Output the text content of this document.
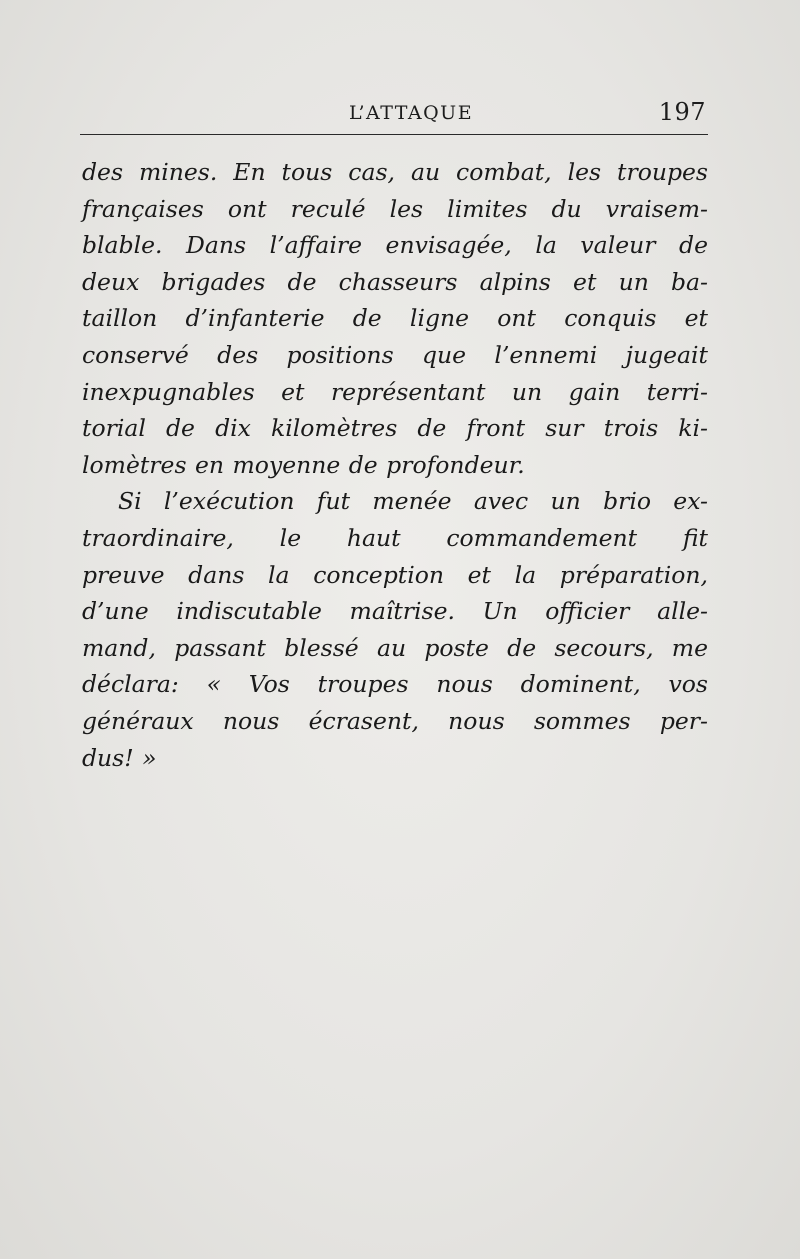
L’ATTAQUE	197
des mines. En tous cas, au combat, les troupes
françaises ont reculé les limites du vraisem-
blable. Dans l’affaire envisagée, la valeur de
deux brigades de chasseurs alpins et un ba-
taillon d’infanterie de ligne ont conquis et
conservé des positions que l’ennemi jugeait
inexpugnables et représentant un gain terri-
torial de dix kilomètres de front sur trois ki-
lomètres en moyenne de profondeur.
Si l’exécution fut menée avec un brio ex-
traordinaire, le haut commandement fit
preuve dans la conception et la préparation,
d’une indiscutable maîtrise. Un officier alle-
mand, passant blessé au poste de secours, me
déclara: « Vos troupes nous dominent, vos
généraux nous écrasent, nous sommes per-
dus! »
